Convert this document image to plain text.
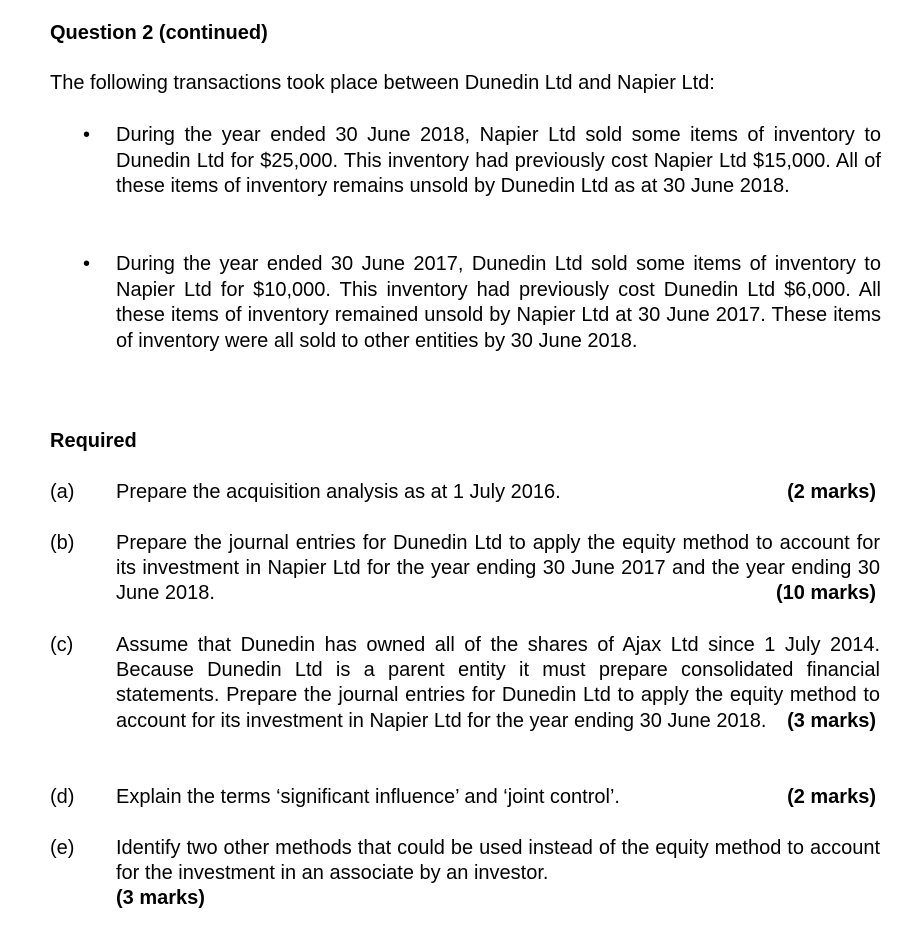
Question 2 (continued)
The following transactions took place between Dunedin Ltd and Napier Ltd:
• During the year ended 30 June 2018, Napier Ltd sold some items of inventory to Dunedin Ltd for $25,000. This inventory had previously cost Napier Ltd $15,000. All of these items of inventory remains unsold by Dunedin Ltd as at 30 June 2018.
• During the year ended 30 June 2017, Dunedin Ltd sold some items of inventory to Napier Ltd for $10,000. This inventory had previously cost Dunedin Ltd $6,000. All these items of inventory remained unsold by Napier Ltd at 30 June 2017. These items of inventory were all sold to other entities by 30 June 2018.
Required
(a) Prepare the acquisition analysis as at 1 July 2016.	(2 marks)
(b) Prepare the journal entries for Dunedin Ltd to apply the equity method to account for its investment in Napier Ltd for the year ending 30 June 2017 and the year ending 30 June 2018.	(10 marks)
(c) Assume that Dunedin has owned all of the shares of Ajax Ltd since 1 July 2014. Because Dunedin Ltd is a parent entity it must prepare consolidated financial statements. Prepare the journal entries for Dunedin Ltd to apply the equity method to account for its investment in Napier Ltd for the year ending 30 June 2018. (3 marks)
(d) Explain the terms ‘significant influence’ and ‘joint control’.	(2 marks)
(e) Identify two other methods that could be used instead of the equity method to account for the investment in an associate by an investor.
(3 marks)
